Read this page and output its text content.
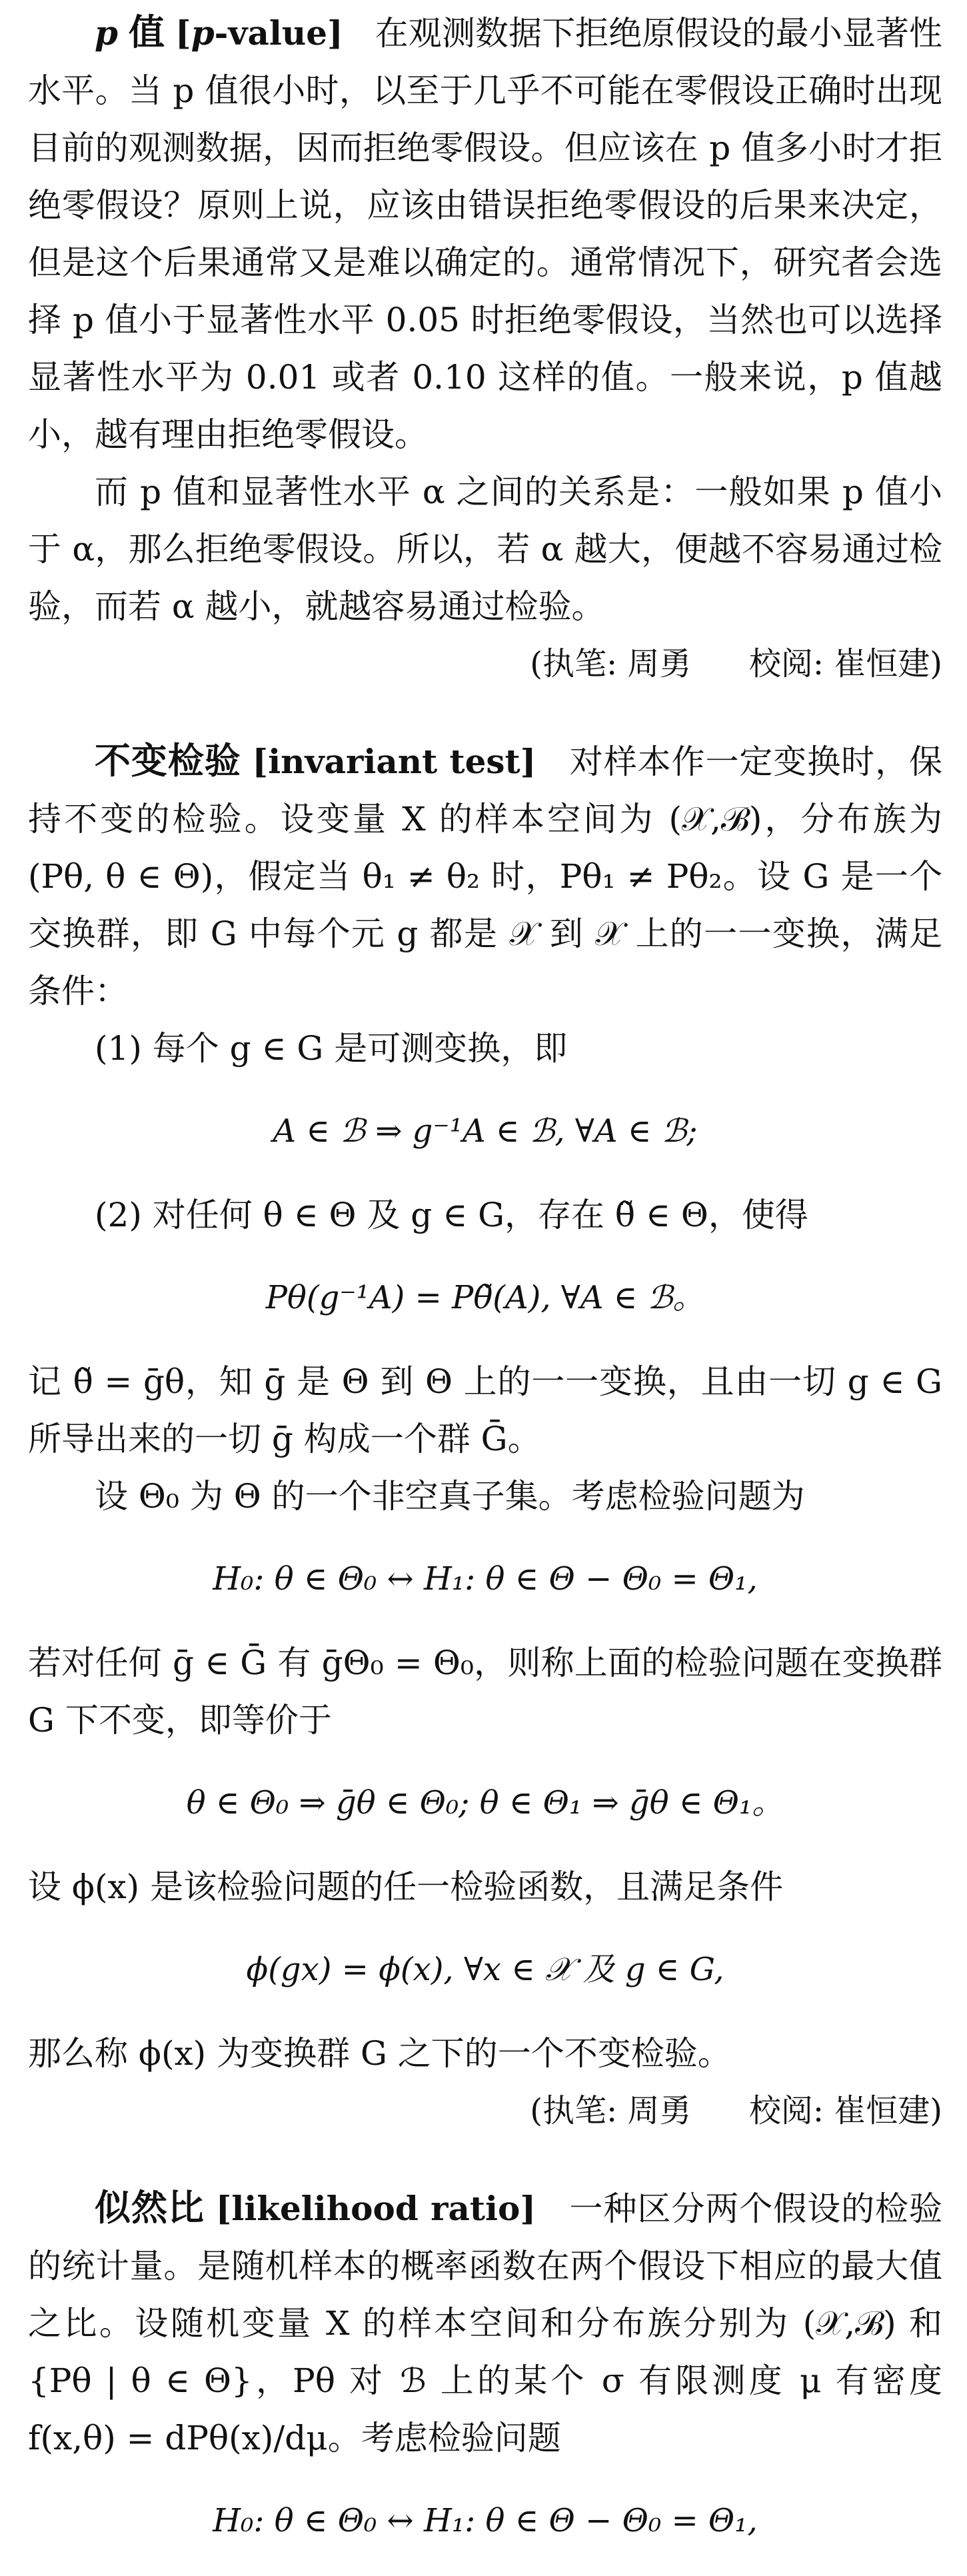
p 值 [p-value] 在观测数据下拒绝原假设的最小显著性水平。当 p 值很小时，以至于几乎不可能在零假设正确时出现目前的观测数据，因而拒绝零假设。但应该在 p 值多小时才拒绝零假设？原则上说，应该由错误拒绝零假设的后果来决定，但是这个后果通常又是难以确定的。通常情况下，研究者会选择 p 值小于显著性水平 0.05 时拒绝零假设，当然也可以选择显著性水平为 0.01 或者 0.10 这样的值。一般来说，p 值越小，越有理由拒绝零假设。

而 p 值和显著性水平 α 之间的关系是：一般如果 p 值小于 α，那么拒绝零假设。所以，若 α 越大，便越不容易通过检验，而若 α 越小，就越容易通过检验。

(执笔: 周勇 校阅: 崔恒建)

不变检验 [invariant test] 对样本作一定变换时，保持不变的检验。设变量 X 的样本空间为 (𝒳,ℬ)，分布族为 (Pθ, θ ∈ Θ)，假定当 θ₁ ≠ θ₂ 时，Pθ₁ ≠ Pθ₂。设 G 是一个交换群，即 G 中每个元 g 都是 𝒳 到 𝒳 上的一一变换，满足条件：

(1) 每个 g ∈ G 是可测变换，即

A ∈ ℬ ⇒ g⁻¹A ∈ ℬ, ∀A ∈ ℬ;

(2) 对任何 θ ∈ Θ 及 g ∈ G，存在 θ̃ ∈ Θ，使得

Pθ(g⁻¹A) = Pθ̃(A), ∀A ∈ ℬ。

记 θ̃ = ḡθ，知 ḡ 是 Θ 到 Θ 上的一一变换，且由一切 g ∈ G 所导出来的一切 ḡ 构成一个群 Ḡ。

设 Θ₀ 为 Θ 的一个非空真子集。考虑检验问题为

H₀: θ ∈ Θ₀ ↔ H₁: θ ∈ Θ − Θ₀ = Θ₁,

若对任何 ḡ ∈ Ḡ 有 ḡΘ₀ = Θ₀，则称上面的检验问题在变换群 G 下不变，即等价于

θ ∈ Θ₀ ⇒ ḡθ ∈ Θ₀; θ ∈ Θ₁ ⇒ ḡθ ∈ Θ₁。

设 ϕ(x) 是该检验问题的任一检验函数，且满足条件

ϕ(gx) = ϕ(x), ∀x ∈ 𝒳 及 g ∈ G,

那么称 ϕ(x) 为变换群 G 之下的一个不变检验。

(执笔: 周勇 校阅: 崔恒建)

似然比 [likelihood ratio] 一种区分两个假设的检验的统计量。是随机样本的概率函数在两个假设下相应的最大值之比。设随机变量 X 的样本空间和分布族分别为 (𝒳,ℬ) 和 {Pθ | θ ∈ Θ}，Pθ 对 ℬ 上的某个 σ 有限测度 μ 有密度 f(x,θ) = dPθ(x)/dμ。考虑检验问题

H₀: θ ∈ Θ₀ ↔ H₁: θ ∈ Θ − Θ₀ = Θ₁,
